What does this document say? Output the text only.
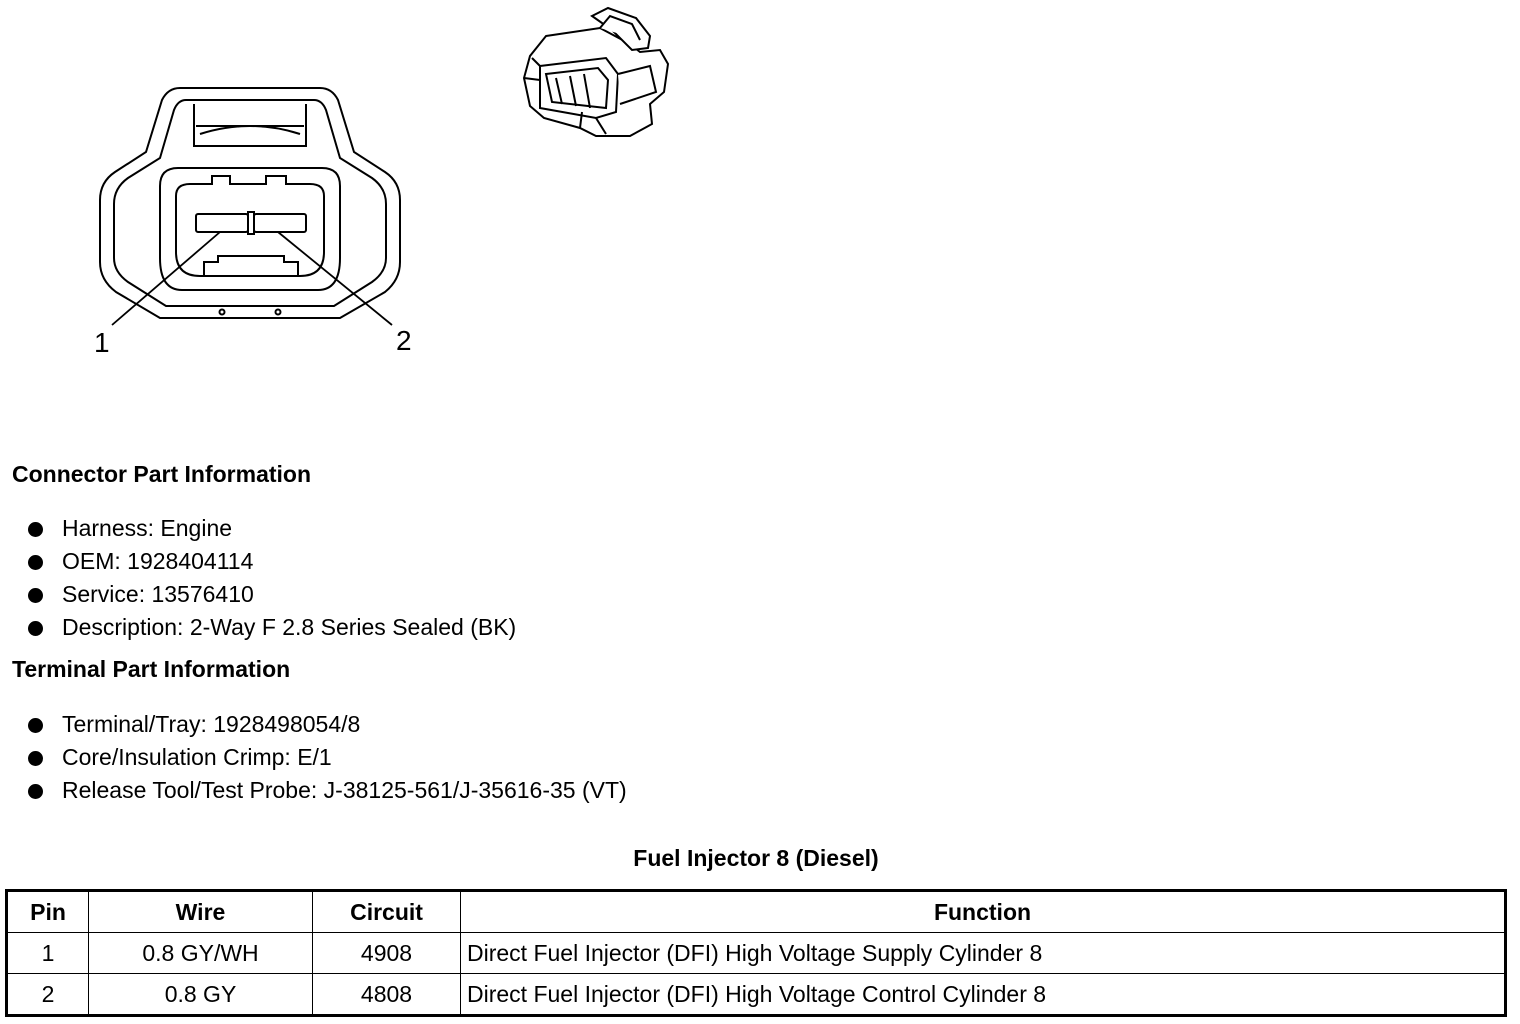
1	2
Connector Part Information
Harness: Engine
OEM: 1928404114
Service: 13576410
Description: 2-Way F 2.8 Series Sealed (BK)
Terminal Part Information
Terminal/Tray: 1928498054/8
Core/Insulation Crimp: E/1
Release Tool/Test Probe: J-38125-561/J-35616-35 (VT)
Fuel Injector 8 (Diesel)
Pin	Wire	Circuit	Function
1	0.8 GY/WH	4908	Direct Fuel Injector (DFI) High Voltage Supply Cylinder 8
2	0.8 GY	4808	Direct Fuel Injector (DFI) High Voltage Control Cylinder 8
